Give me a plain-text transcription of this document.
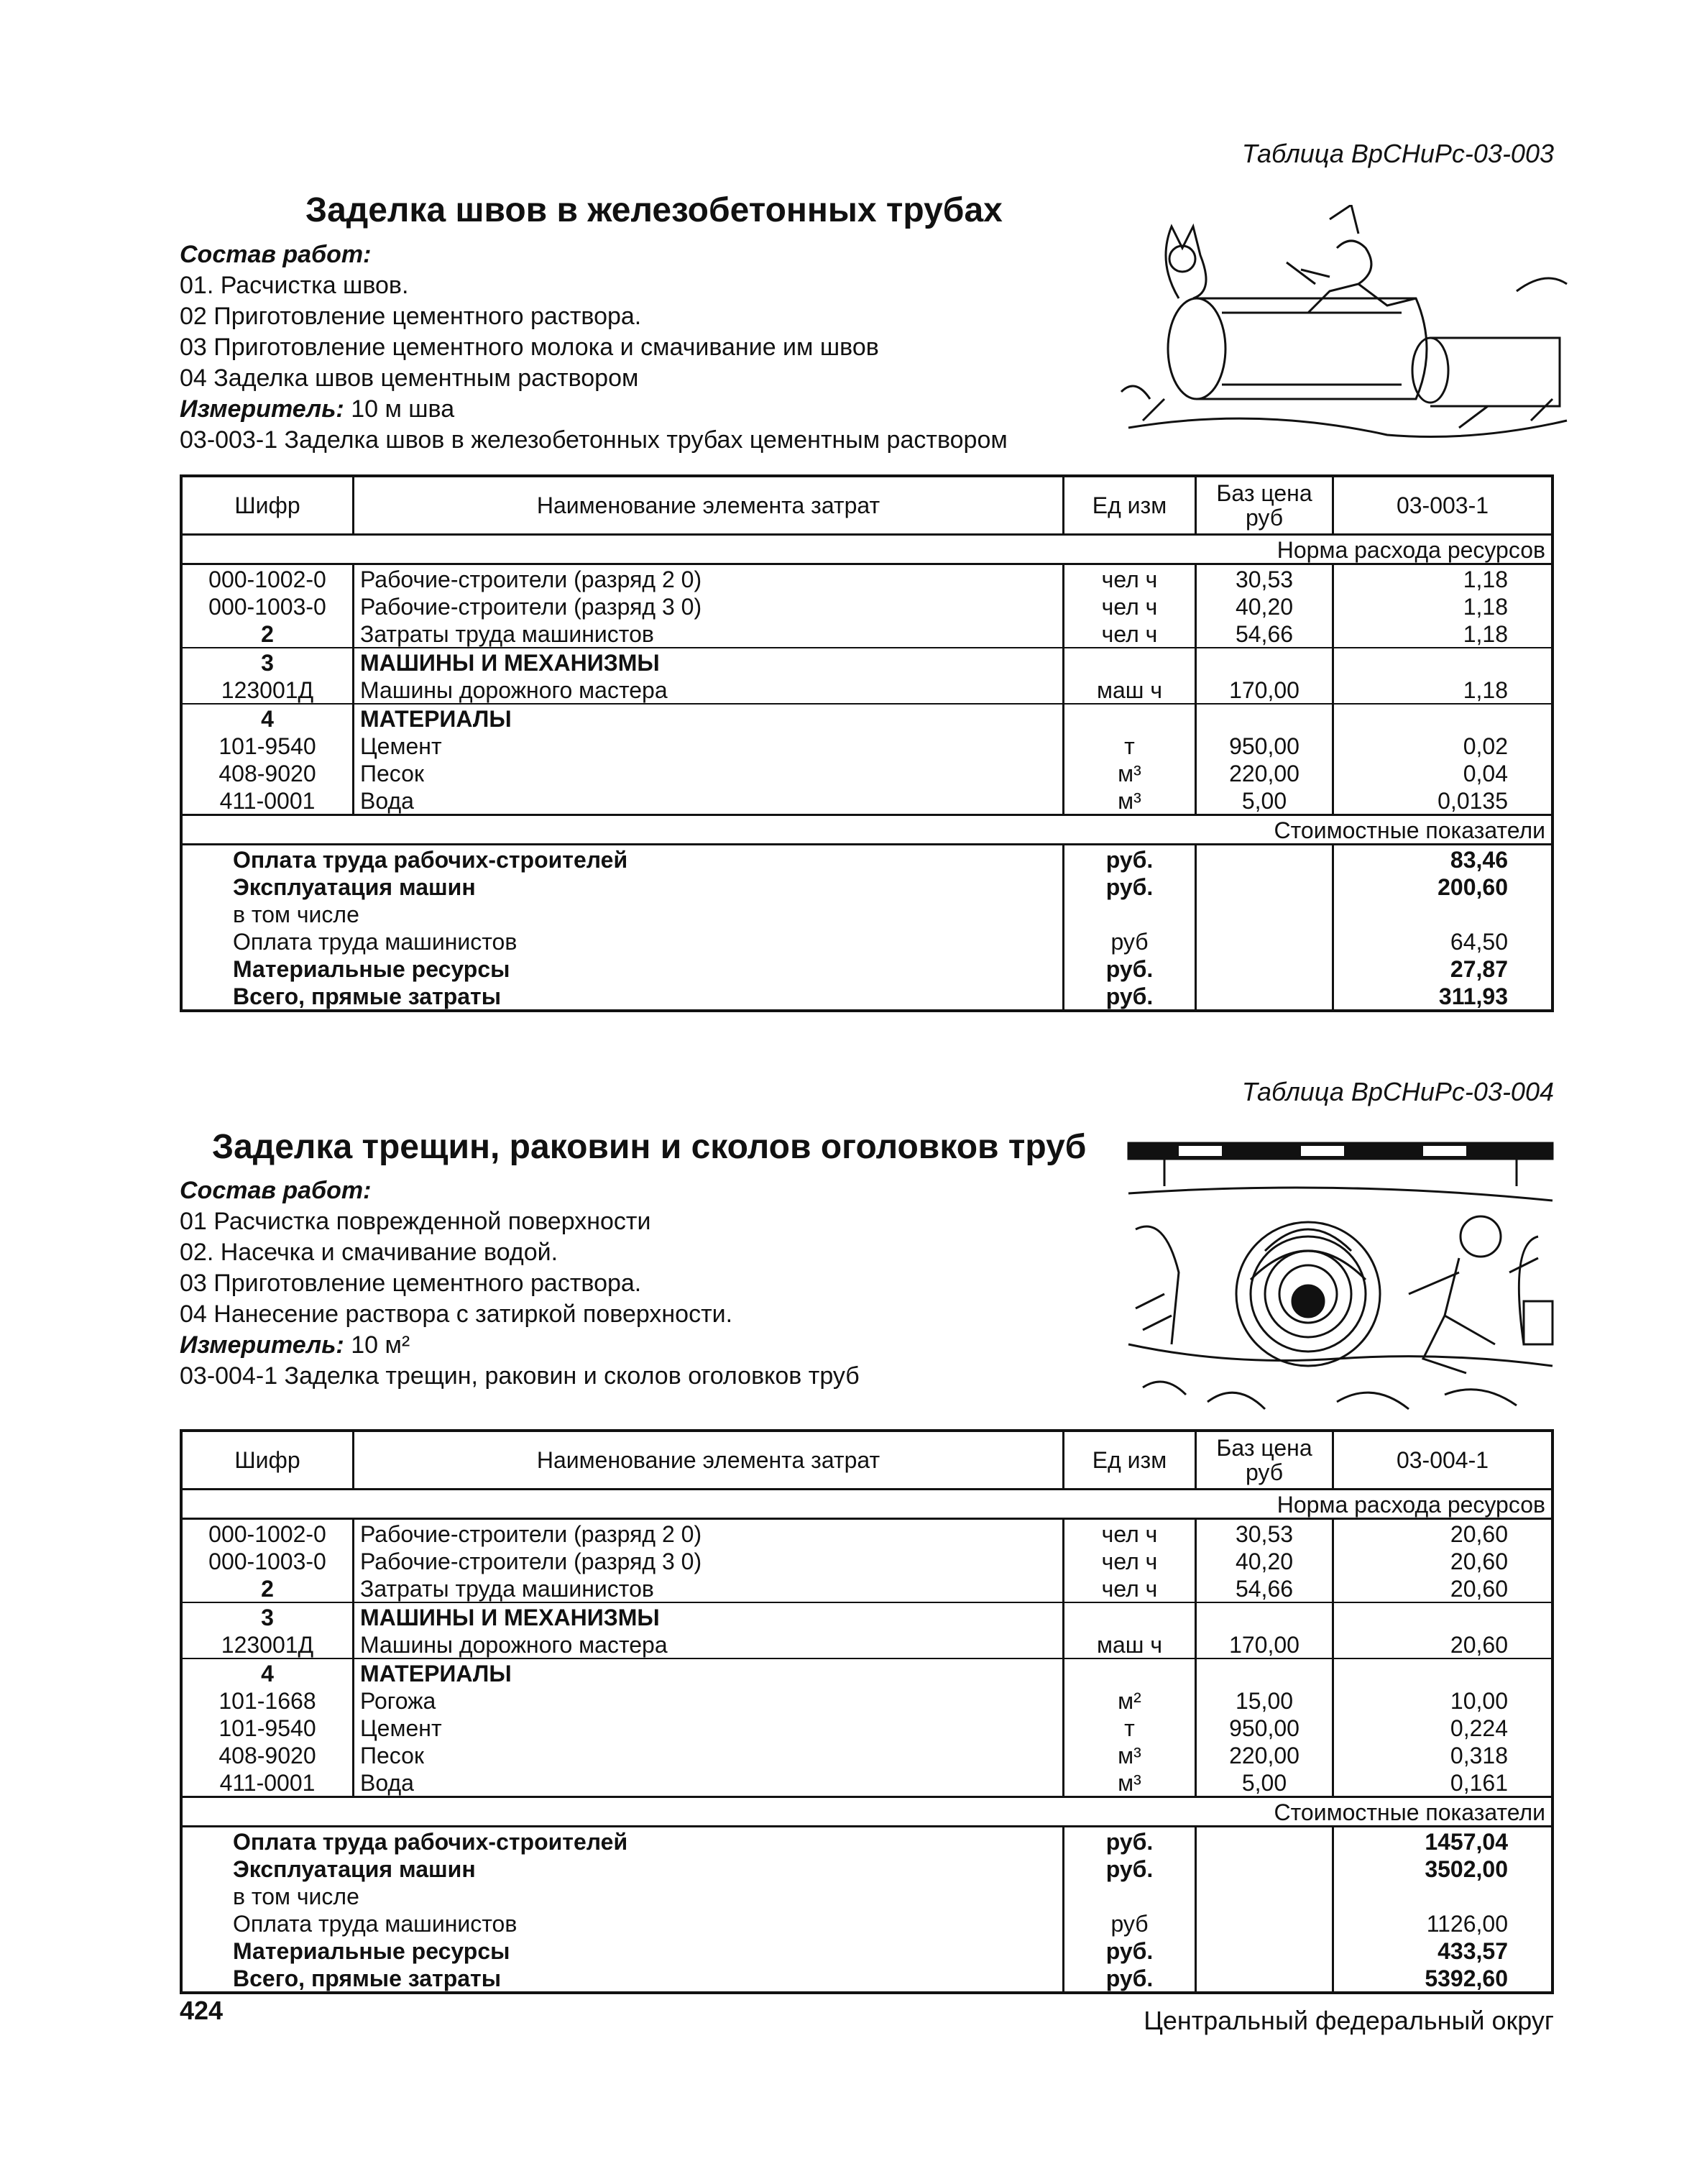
Таблица ВрСНиРс-03-003
Заделка швов в железобетонных трубах
Состав работ:
01. Расчистка швов.
02 Приготовление цементного раствора.
03 Приготовление цементного молока и смачивание им швов
04 Заделка швов цементным раствором
Измеритель: 10 м шва
03-003-1 Заделка швов в железобетонных трубах цементным раствором
Шифр	Наименование элемента затрат	Ед изм	Баз цена руб	03-003-1
Норма расхода ресурсов				
000-1002-0	Рабочие-строители (разряд 2 0)	чел ч	30,53	1,18
000-1003-0	Рабочие-строители (разряд 3 0)	чел ч	40,20	1,18
2	Затраты труда машинистов	чел ч	54,66	1,18
3	МАШИНЫ И МЕХАНИЗМЫ			
123001Д	Машины дорожного мастера	маш ч	170,00	1,18
4	МАТЕРИАЛЫ			
101-9540	Цемент	т	950,00	0,02
408-9020	Песок	м³	220,00	0,04
411-0001	Вода	м³	5,00	0,0135
Стоимостные показатели				
Оплата труда рабочих-строителей		руб.		83,46
Эксплуатация машин		руб.		200,60
в том числе				
Оплата труда машинистов		руб		64,50
Материальные ресурсы		руб.		27,87
Всего, прямые затраты		руб.		311,93
Таблица ВрСНиРс-03-004
Заделка трещин, раковин и сколов оголовков труб
Состав работ:
01 Расчистка поврежденной поверхности
02. Насечка и смачивание водой.
03 Приготовление цементного раствора.
04 Нанесение раствора с затиркой поверхности.
Измеритель: 10 м²
03-004-1 Заделка трещин, раковин и сколов оголовков труб
Шифр	Наименование элемента затрат	Ед изм	Баз цена руб	03-004-1
Норма расхода ресурсов				
000-1002-0	Рабочие-строители (разряд 2 0)	чел ч	30,53	20,60
000-1003-0	Рабочие-строители (разряд 3 0)	чел ч	40,20	20,60
2	Затраты труда машинистов	чел ч	54,66	20,60
3	МАШИНЫ И МЕХАНИЗМЫ			
123001Д	Машины дорожного мастера	маш ч	170,00	20,60
4	МАТЕРИАЛЫ			
101-1668	Рогожа	м²	15,00	10,00
101-9540	Цемент	т	950,00	0,224
408-9020	Песок	м³	220,00	0,318
411-0001	Вода	м³	5,00	0,161
Стоимостные показатели				
Оплата труда рабочих-строителей		руб.		1457,04
Эксплуатация машин		руб.		3502,00
в том числе				
Оплата труда машинистов		руб		1126,00
Материальные ресурсы		руб.		433,57
Всего, прямые затраты		руб.		5392,60
424	Центральный федеральный округ
